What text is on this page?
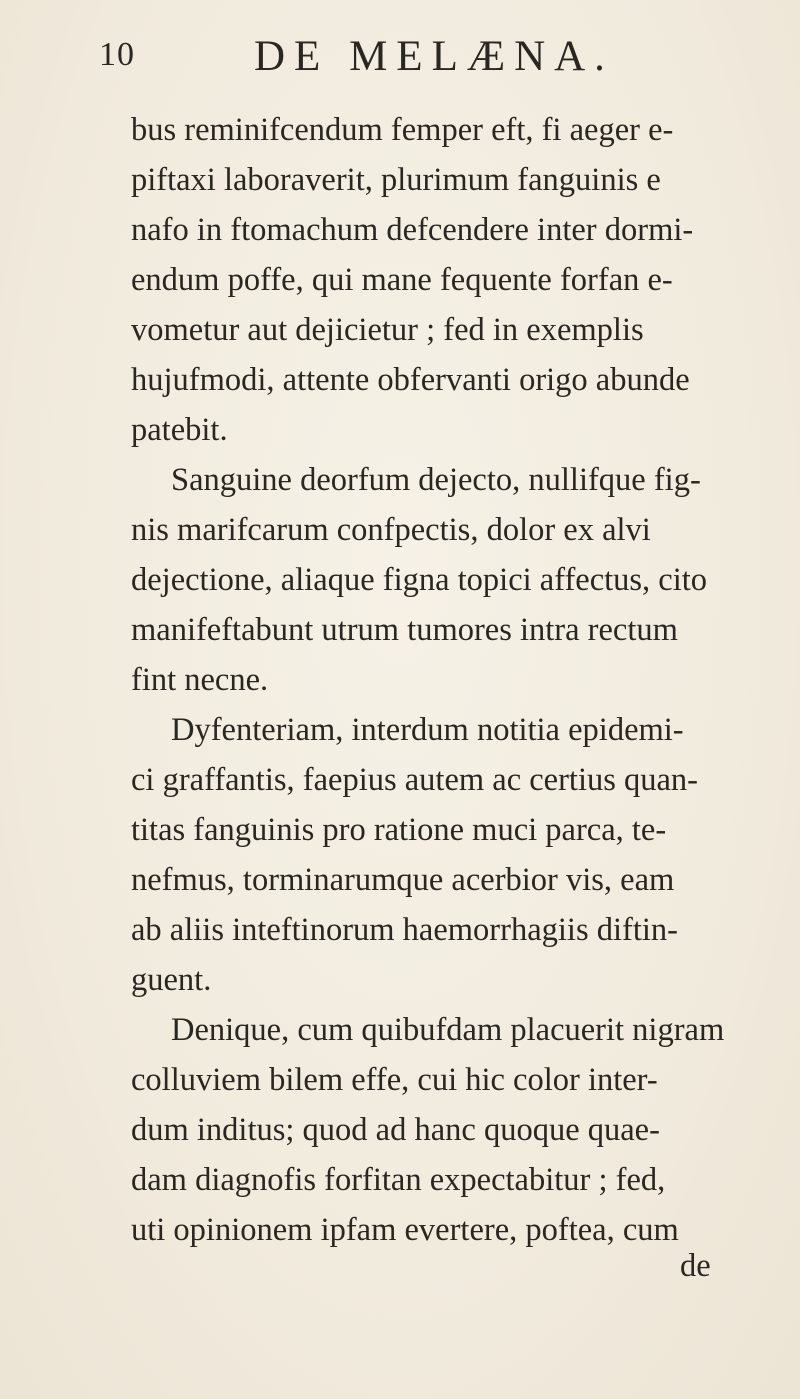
10	DE MELÆNA.
bus reminifcendum femper eft, fi aeger e-
piftaxi laboraverit, plurimum fanguinis e
nafo in ftomachum defcendere inter dormi-
endum poffe, qui mane fequente forfan e-
vometur aut dejicietur ; fed in exemplis
hujufmodi, attente obfervanti origo abunde
patebit.
Sanguine deorfum dejecto, nullifque fig-
nis marifcarum confpectis, dolor ex alvi
dejectione, aliaque figna topici affectus, cito
manifeftabunt utrum tumores intra rectum
fint necne.
Dyfenteriam, interdum notitia epidemi-
ci graffantis, faepius autem ac certius quan-
titas fanguinis pro ratione muci parca, te-
nefmus, torminarumque acerbior vis, eam
ab aliis inteftinorum haemorrhagiis diftin-
guent.
Denique, cum quibufdam placuerit nigram
colluviem bilem effe, cui hic color inter-
dum inditus; quod ad hanc quoque quae-
dam diagnofis forfitan expectabitur ; fed,
uti opinionem ipfam evertere, poftea, cum
de
